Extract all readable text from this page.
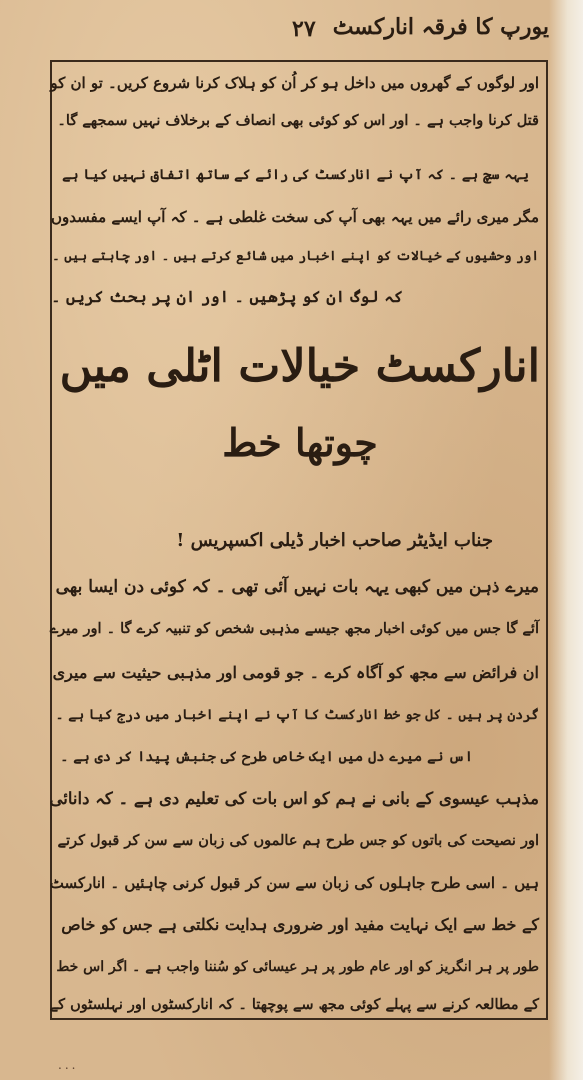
۲۷ یورپ کا فرقہ انارکسٹ
اور لوگوں کے گھروں میں داخل ہو کر اُن کو ہلاک کرنا شروع کریں۔ تو ان کو
قتل کرنا واجب ہے ۔ اور اس کو کوئی بھی انصاف کے برخلاف نہیں سمجھے گا۔
یہہ سچ ہے ۔ کہ آپ نے انارکسٹ کی رائے کے ساتھ اتفاق نہیں کیا ہے
مگر میری رائے میں یہہ بھی آپ کی سخت غلطی ہے ۔ کہ آپ ایسے مفسدوں
اور وحشیوں کے خیالات کو اپنے اخبار میں شائع کرتے ہیں ۔ اور چاہتے ہیں ۔
کہ لوگ ان کو پڑھیں ۔ اور ان پر بحث کریں ۔
انارکسٹ خیالات اٹلی میں
چوتھا خط
جناب ایڈیٹر صاحب اخبار ڈیلی اکسپریس !
میرے ذہن میں کبھی یہہ بات نہیں آئی تھی ۔ کہ کوئی دن ایسا بھی
آئے گا جس میں کوئی اخبار مجھ جیسے مذہبی شخص کو تنبیہ کرے گا ۔ اور میرے
ان فرائض سے مجھ کو آگاہ کرے ۔ جو قومی اور مذہبی حیثیت سے میری
گردن پر ہیں ۔ کل جو خط انارکسٹ کا آپ نے اپنے اخبار میں درج کیا ہے ۔
اس نے میرے دل میں ایک خاص طرح کی جنبش پیدا کر دی ہے ۔
مذہب عیسوی کے بانی نے ہم کو اس بات کی تعلیم دی ہے ۔ کہ دانائی
اور نصیحت کی باتوں کو جس طرح ہم عالموں کی زبان سے سن کر قبول کرتے
ہیں ۔ اسی طرح جاہلوں کی زبان سے سن کر قبول کرنی چاہئیں ۔ انارکسٹ
کے خط سے ایک نہایت مفید اور ضروری ہدایت نکلتی ہے جس کو خاص
طور پر ہر انگریز کو اور عام طور پر ہر عیسائی کو سُننا واجب ہے ۔ اگر اس خط
کے مطالعہ کرنے سے پہلے کوئی مجھ سے پوچھتا ۔ کہ انارکسٹوں اور نہلسٹوں کے
...
